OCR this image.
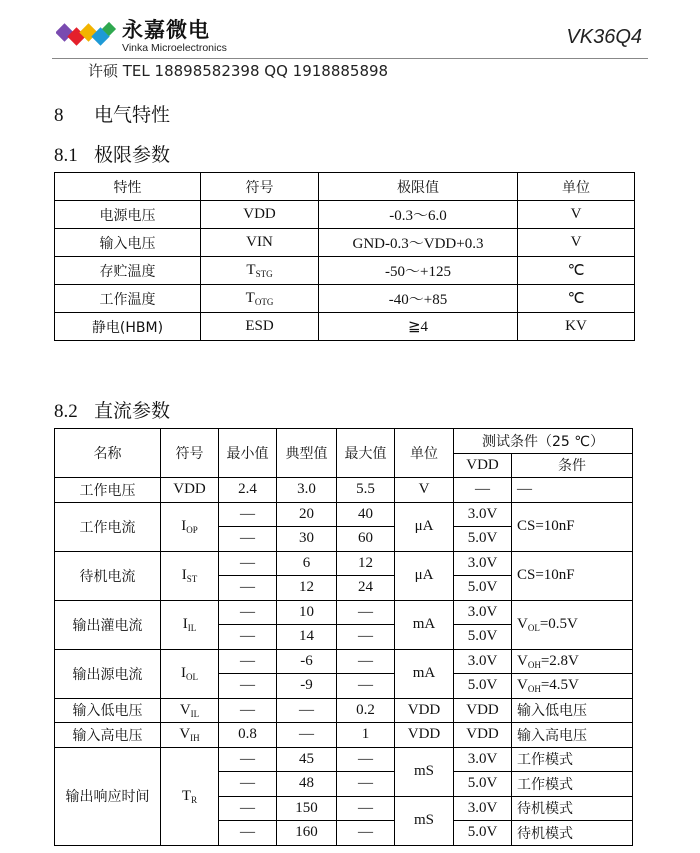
永嘉微电
Vinka Microelectronics	VK36Q4
许硕 TEL 18898582398 QQ 1918885898
8 电气特性
8.1 极限参数
特性	符号	极限值	单位
电源电压	VDD	-0.3～6.0	V
输入电压	VIN	GND-0.3～VDD+0.3	V
存贮温度	$T_{STG}$	-50～+125	℃
工作温度	$T_{OTG}$	-40～+85	℃
静电(HBM)	ESD	≧4	KV
8.2 直流参数
名称	符号	最小值	典型值	最大值	单位	测试条件（25 ℃）	
						VDD	条件
工作电压	VDD	2.4	3.0	5.5	V	—	—
工作电流	$I_{OP}$	—	20	40	μA	3.0V	CS=10nF
		—	30	60		5.0V	
待机电流	$I_{ST}$	—	6	12	μA	3.0V	CS=10nF
		—	12	24		5.0V	
输出灌电流	$I_{IL}$	—	10	—	mA	3.0V	$V_{OL}=0.5V$
		—	14	—		5.0V	
输出源电流	$I_{OL}$	—	-6	—	mA	3.0V	$V_{OH}=2.8V$
		—	-9	—		5.0V	$V_{OH}=4.5V$
输入低电压	$V_{IL}$	—	—	0.2	VDD	VDD	输入低电压
输入高电压	$V_{IH}$	0.8	—	1	VDD	VDD	输入高电压
输出响应时间	$T_R$	—	45	—	mS	3.0V	工作模式
		—	48	—		5.0V	工作模式
		—	150	—	mS	3.0V	待机模式
		—	160	—		5.0V	待机模式
